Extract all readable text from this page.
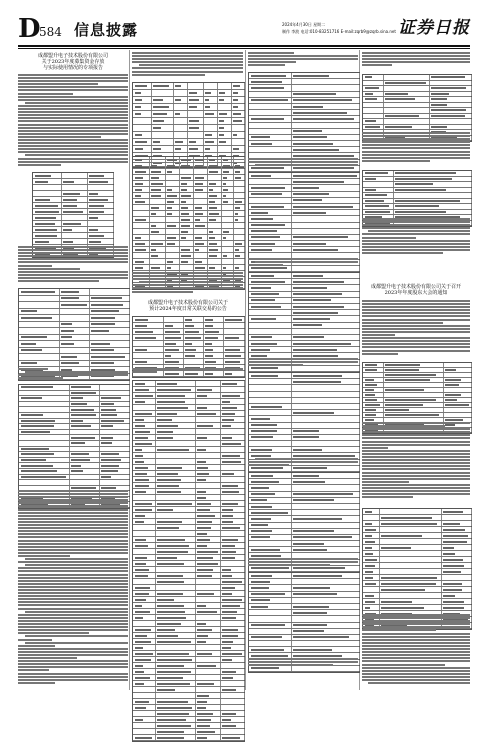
D
584 信息披露	2024年4月30日 星期二
制作 李波 电话:010-83251716 E-mail:zqrb9@zqrb.sina.net 证券日报
成都盟升电子技术股份有限公司
关于2023年度募集资金存放
与实际使用情况的专项报告
成都盟升电子技术股份有限公司关于
预计2024年度日常关联交易的公告
成都盟升电子技术股份有限公司关于召开
2023年年度股东大会的通知
